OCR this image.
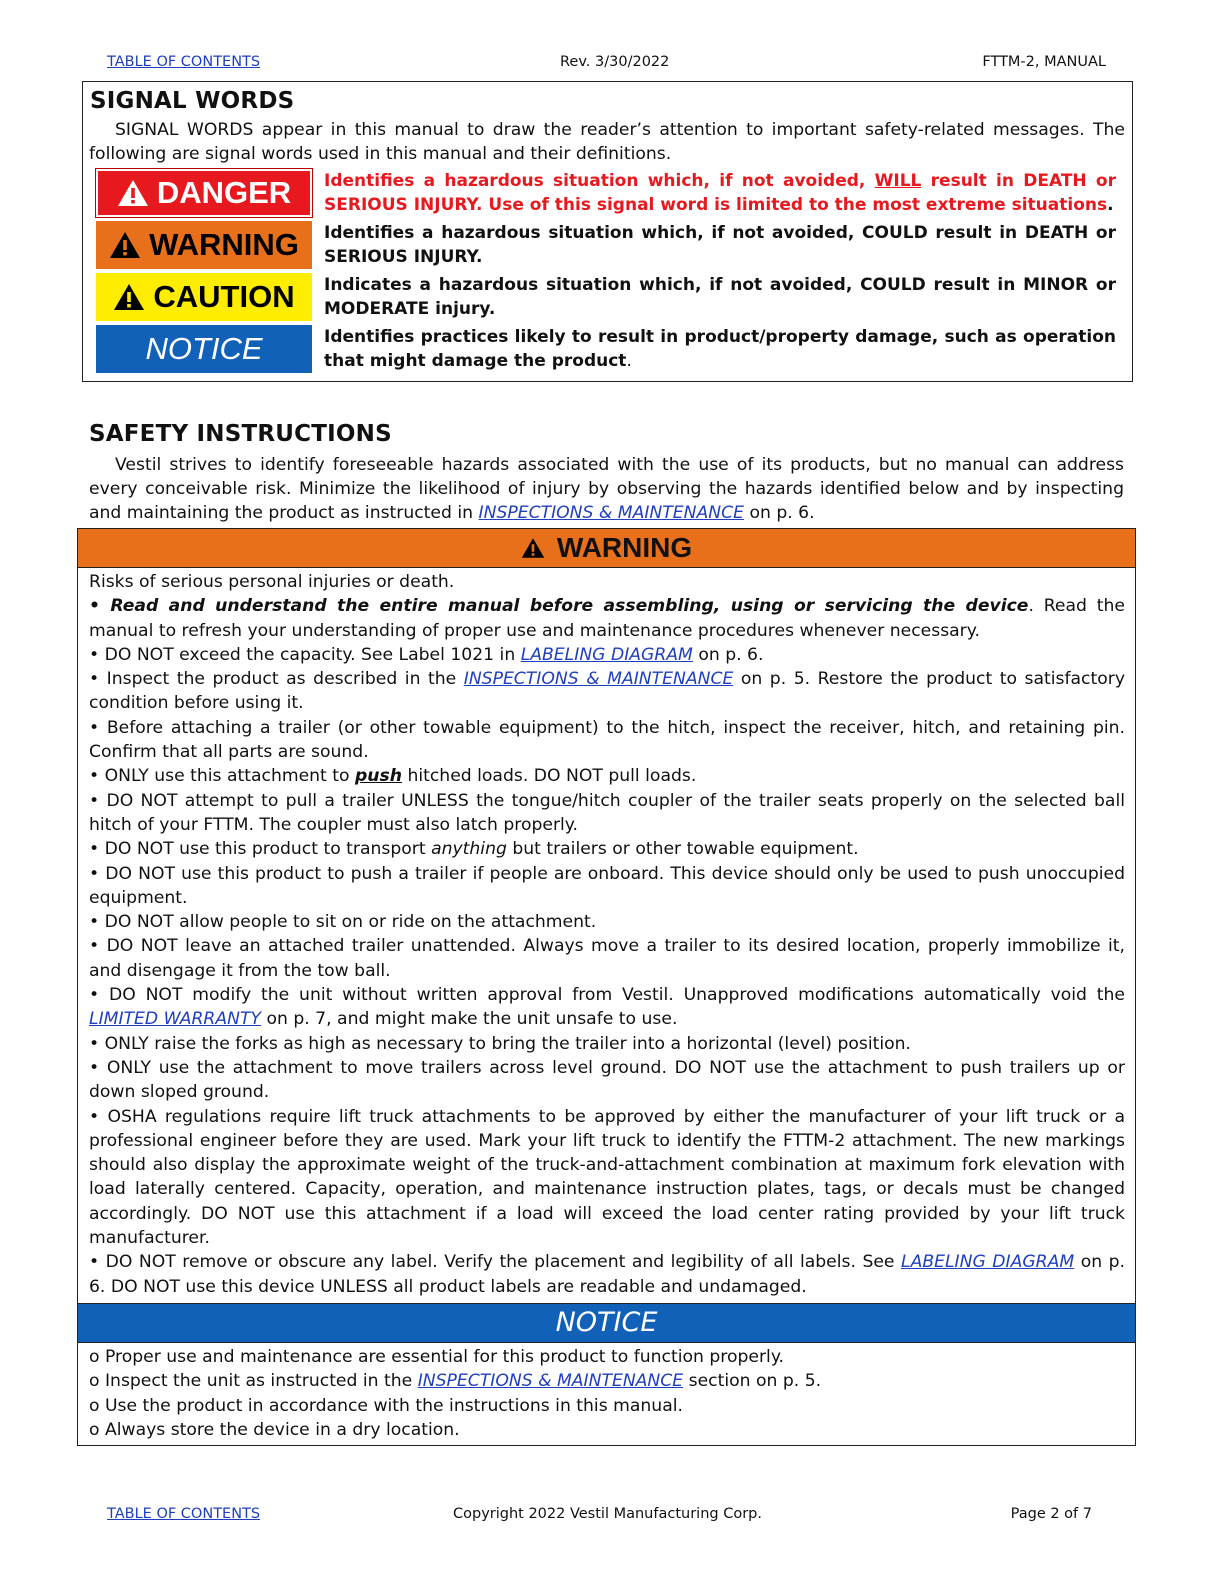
TABLE OF CONTENTS	Rev. 3/30/2022	FTTM-2, MANUAL
SIGNAL WORDS

SIGNAL WORDS appear in this manual to draw the reader’s attention to important safety-related messages. The following are signal words used in this manual and their definitions.

DANGER Identifies a hazardous situation which, if not avoided, WILL result in DEATH or SERIOUS INJURY. Use of this signal word is limited to the most extreme situations.
WARNING Identifies a hazardous situation which, if not avoided, COULD result in DEATH or SERIOUS INJURY.
CAUTION Indicates a hazardous situation which, if not avoided, COULD result in MINOR or MODERATE injury.
NOTICE	Identifies practices likely to result in product/property damage, such as operation that might damage the product.
SAFETY INSTRUCTIONS

Vestil strives to identify foreseeable hazards associated with the use of its products, but no manual can address every conceivable risk. Minimize the likelihood of injury by observing the hazards identified below and by inspecting and maintaining the product as instructed in INSPECTIONS & MAINTENANCE on p. 6.

WARNING

Risks of serious personal injuries or death.

• Read and understand the entire manual before assembling, using or servicing the device. Read the manual to refresh your understanding of proper use and maintenance procedures whenever necessary.

• DO NOT exceed the capacity. See Label 1021 in LABELING DIAGRAM on p. 6.

• Inspect the product as described in the INSPECTIONS & MAINTENANCE on p. 5. Restore the product to satisfactory condition before using it.

• Before attaching a trailer (or other towable equipment) to the hitch, inspect the receiver, hitch, and retaining pin. Confirm that all parts are sound.

• ONLY use this attachment to push hitched loads. DO NOT pull loads.

• DO NOT attempt to pull a trailer UNLESS the tongue/hitch coupler of the trailer seats properly on the selected ball hitch of your FTTM. The coupler must also latch properly.

• DO NOT use this product to transport anything but trailers or other towable equipment.

• DO NOT use this product to push a trailer if people are onboard. This device should only be used to push unoccupied equipment.

• DO NOT allow people to sit on or ride on the attachment.

• DO NOT leave an attached trailer unattended. Always move a trailer to its desired location, properly immobilize it, and disengage it from the tow ball.

• DO NOT modify the unit without written approval from Vestil. Unapproved modifications automatically void the LIMITED WARRANTY on p. 7, and might make the unit unsafe to use.

• ONLY raise the forks as high as necessary to bring the trailer into a horizontal (level) position.

• ONLY use the attachment to move trailers across level ground. DO NOT use the attachment to push trailers up or down sloped ground.

• OSHA regulations require lift truck attachments to be approved by either the manufacturer of your lift truck or a professional engineer before they are used. Mark your lift truck to identify the FTTM-2 attachment. The new markings should also display the approximate weight of the truck-and-attachment combination at maximum fork elevation with load laterally centered. Capacity, operation, and maintenance instruction plates, tags, or decals must be changed accordingly. DO NOT use this attachment if a load will exceed the load center rating provided by your lift truck manufacturer.

• DO NOT remove or obscure any label. Verify the placement and legibility of all labels. See LABELING DIAGRAM on p. 6. DO NOT use this device UNLESS all product labels are readable and undamaged.

NOTICE

o Proper use and maintenance are essential for this product to function properly.

o Inspect the unit as instructed in the INSPECTIONS & MAINTENANCE section on p. 5.

o Use the product in accordance with the instructions in this manual.

o Always store the device in a dry location.

TABLE OF CONTENTS	Copyright 2022 Vestil Manufacturing Corp.	Page 2 of 7
